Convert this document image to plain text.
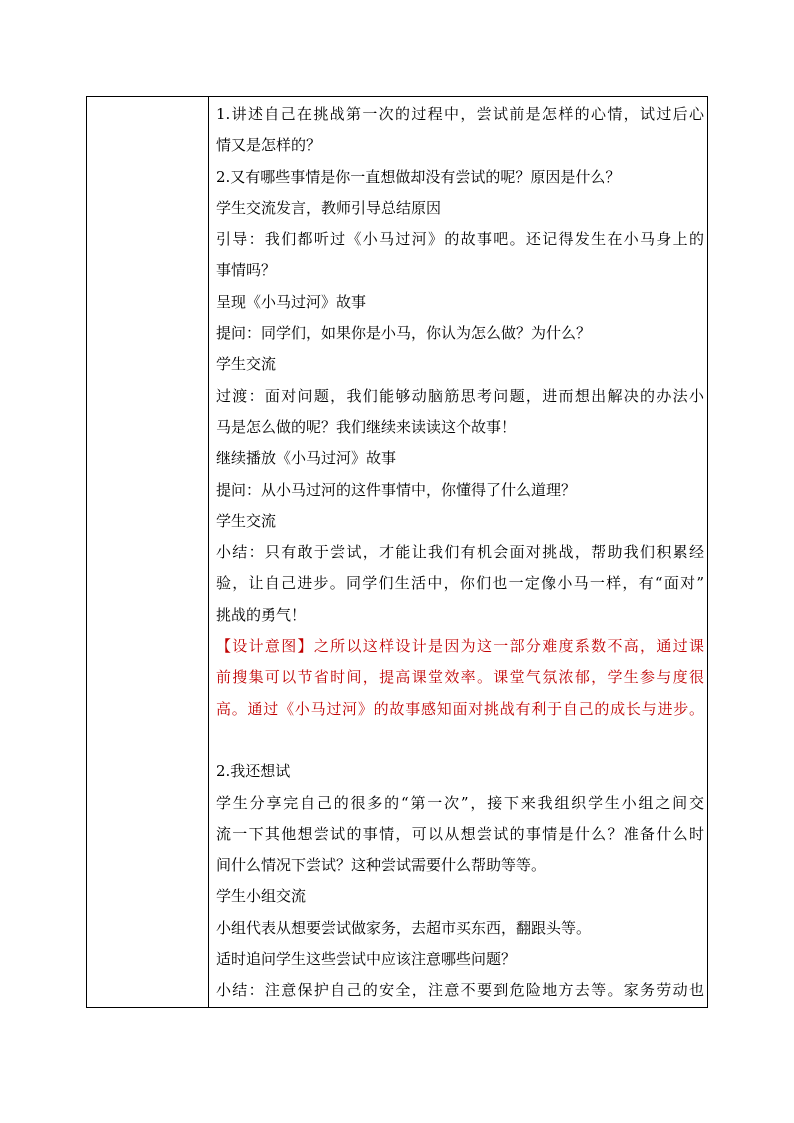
1.讲述自己在挑战第一次的过程中，尝试前是怎样的心情，试过后心
情又是怎样的？
2.又有哪些事情是你一直想做却没有尝试的呢？原因是什么？
学生交流发言，教师引导总结原因
引导：我们都听过《小马过河》的故事吧。还记得发生在小马身上的
事情吗？
呈现《小马过河》故事
提问：同学们，如果你是小马，你认为怎么做？为什么？
学生交流
过渡：面对问题，我们能够动脑筋思考问题，进而想出解决的办法小
马是怎么做的呢？我们继续来读读这个故事！
继续播放《小马过河》故事
提问：从小马过河的这件事情中，你懂得了什么道理？
学生交流
小结：只有敢于尝试，才能让我们有机会面对挑战，帮助我们积累经
验，让自己进步。同学们生活中，你们也一定像小马一样，有“面对”
挑战的勇气！
【设计意图】之所以这样设计是因为这一部分难度系数不高，通过课
前搜集可以节省时间，提高课堂效率。课堂气氛浓郁，学生参与度很
高。通过《小马过河》的故事感知面对挑战有利于自己的成长与进步。
2.我还想试
学生分享完自己的很多的“第一次”，接下来我组织学生小组之间交
流一下其他想尝试的事情，可以从想尝试的事情是什么？准备什么时
间什么情况下尝试？这种尝试需要什么帮助等等。
学生小组交流
小组代表从想要尝试做家务，去超市买东西，翻跟头等。
适时追问学生这些尝试中应该注意哪些问题？
小结：注意保护自己的安全，注意不要到危险地方去等。家务劳动也
